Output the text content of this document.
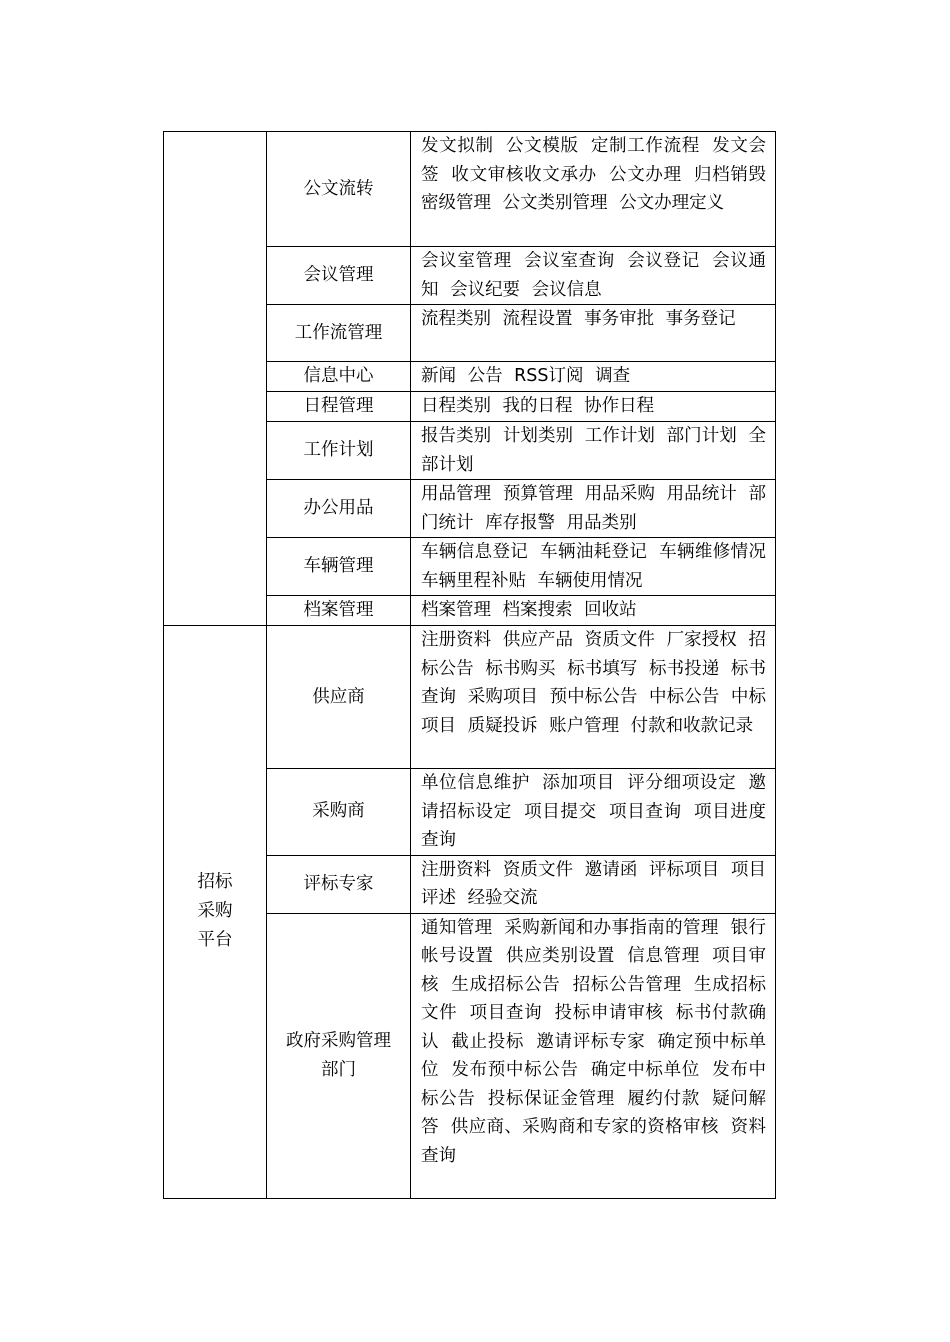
	公文流转	发文拟制 公文模版 定制工作流程 发文会签 收文审核收文承办 公文办理 归档销毁 密级管理 公文类别管理 公文办理定义
	会议管理	会议室管理 会议室查询 会议登记 会议通知 会议纪要 会议信息
	工作流管理	流程类别 流程设置 事务审批 事务登记
	信息中心	新闻 公告 RSS订阅 调查
	日程管理	日程类别 我的日程 协作日程
	工作计划	报告类别 计划类别 工作计划 部门计划 全部计划
	办公用品	用品管理 预算管理 用品采购 用品统计 部门统计 库存报警 用品类别
	车辆管理	车辆信息登记 车辆油耗登记 车辆维修情况 车辆里程补贴 车辆使用情况
	档案管理	档案管理 档案搜索 回收站
招标采购平台	供应商	注册资料 供应产品 资质文件 厂家授权 招标公告 标书购买 标书填写 标书投递 标书查询 采购项目 预中标公告 中标公告 中标项目 质疑投诉 账户管理 付款和收款记录
	采购商	单位信息维护 添加项目 评分细项设定 邀请招标设定 项目提交 项目查询 项目进度查询
	评标专家	注册资料 资质文件 邀请函 评标项目 项目评述 经验交流
	政府采购管理部门	通知管理 采购新闻和办事指南的管理 银行帐号设置 供应类别设置 信息管理 项目审核 生成招标公告 招标公告管理 生成招标文件 项目查询 投标申请审核 标书付款确认 截止投标 邀请评标专家 确定预中标单位 发布预中标公告 确定中标单位 发布中标公告 投标保证金管理 履约付款 疑问解答 供应商、采购商和专家的资格审核 资料查询
